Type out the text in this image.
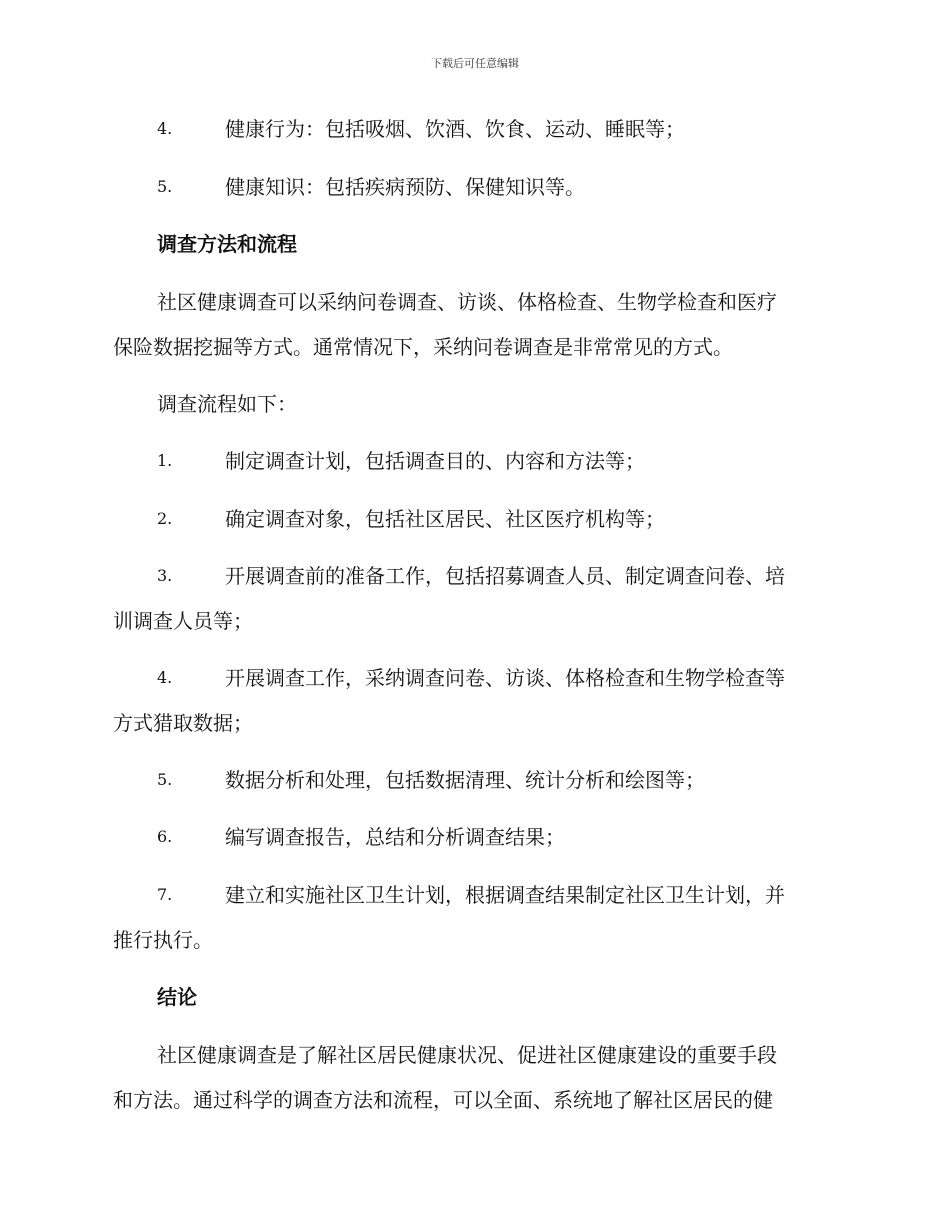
下载后可任意编辑
4.	健康行为：包括吸烟、饮酒、饮食、运动、睡眠等；
5.	健康知识：包括疾病预防、保健知识等。
调查方法和流程
社区健康调查可以采纳问卷调查、访谈、体格检查、生物学检查和医疗
保险数据挖掘等方式。通常情况下，采纳问卷调查是非常常见的方式。
调查流程如下：
1.	制定调查计划，包括调查目的、内容和方法等；
2.	确定调查对象，包括社区居民、社区医疗机构等；
3.	开展调查前的准备工作，包括招募调查人员、制定调查问卷、培
训调查人员等；
4.	开展调查工作，采纳调查问卷、访谈、体格检查和生物学检查等
方式猎取数据；
5.	数据分析和处理，包括数据清理、统计分析和绘图等；
6.	编写调查报告，总结和分析调查结果；
7.	建立和实施社区卫生计划，根据调查结果制定社区卫生计划，并
推行执行。
结论
社区健康调查是了解社区居民健康状况、促进社区健康建设的重要手段
和方法。通过科学的调查方法和流程，可以全面、系统地了解社区居民的健
